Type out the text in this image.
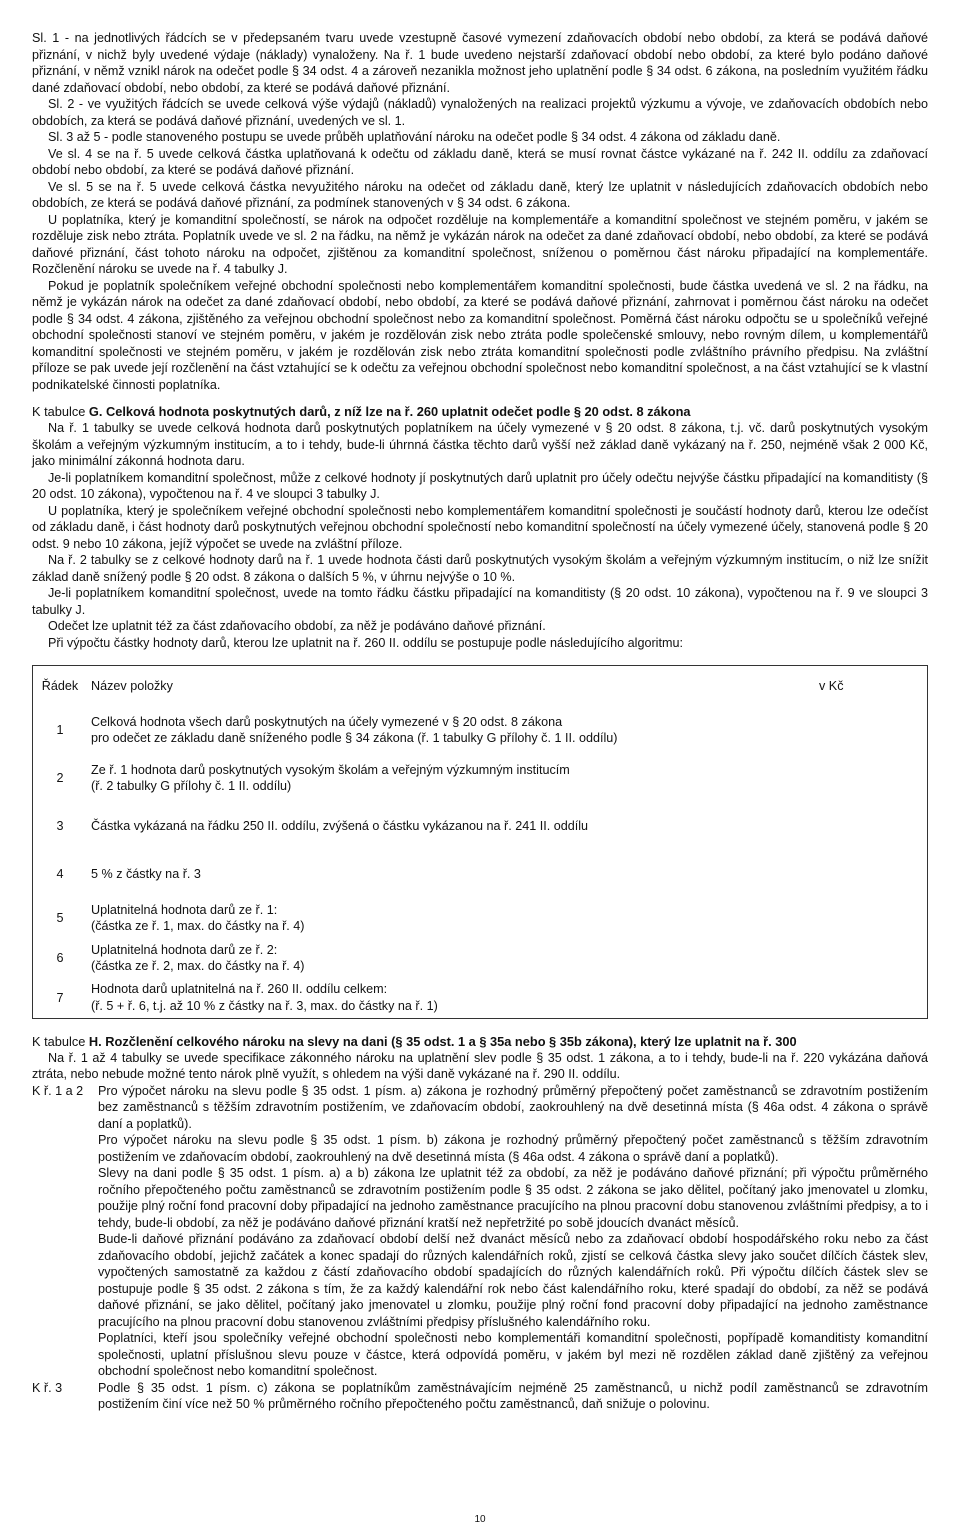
Sl. 1 - na jednotlivých řádcích se v předepsaném tvaru uvede vzestupně časové vymezení zdaňovacích období nebo období, za která se podává daňové přiznání, v nichž byly uvedené výdaje (náklady) vynaloženy. Na ř. 1 bude uvedeno nejstarší zdaňovací období nebo období, za které bylo podáno daňové přiznání, v němž vznikl nárok na odečet podle § 34 odst. 4 a zároveň nezanikla možnost jeho uplatnění podle § 34 odst. 6 zákona, na posledním využitém řádku dané zdaňovací období, nebo období, za které se podává daňové přiznání.

Sl. 2 - ve využitých řádcích se uvede celková výše výdajů (nákladů) vynaložených na realizaci projektů výzkumu a vývoje, ve zdaňovacích obdobích nebo obdobích, za která se podává daňové přiznání, uvedených ve sl. 1.

Sl. 3 až 5 - podle stanoveného postupu se uvede průběh uplatňování nároku na odečet podle § 34 odst. 4 zákona od základu daně.

Ve sl. 4 se na ř. 5 uvede celková částka uplatňovaná k odečtu od základu daně, která se musí rovnat částce vykázané na ř. 242 II. oddílu za zdaňovací období nebo období, za které se podává daňové přiznání.

Ve sl. 5 se na ř. 5 uvede celková částka nevyužitého nároku na odečet od základu daně, který lze uplatnit v následujících zdaňovacích obdobích nebo obdobích, ze která se podává daňové přiznání, za podmínek stanovených v § 34 odst. 6 zákona.

U poplatníka, který je komanditní společností, se nárok na odpočet rozděluje na komplementáře a komanditní společnost ve stejném poměru, v jakém se rozděluje zisk nebo ztráta. Poplatník uvede ve sl. 2 na řádku, na němž je vykázán nárok na odečet za dané zdaňovací období, nebo období, za které se podává daňové přiznání, část tohoto nároku na odpočet, zjištěnou za komanditní společnost, sníženou o poměrnou část nároku připadající na komplementáře. Rozčlenění nároku se uvede na ř. 4 tabulky J.

Pokud je poplatník společníkem veřejné obchodní společnosti nebo komplementářem komanditní společnosti, bude částka uvedená ve sl. 2 na řádku, na němž je vykázán nárok na odečet za dané zdaňovací období, nebo období, za které se podává daňové přiznání, zahrnovat i poměrnou část nároku na odečet podle § 34 odst. 4 zákona, zjištěného za veřejnou obchodní společnost nebo za komanditní společnost. Poměrná část nároku odpočtu se u společníků veřejné obchodní společnosti stanoví ve stejném poměru, v jakém je rozdělován zisk nebo ztráta podle společenské smlouvy, nebo rovným dílem, u komplementářů komanditní společnosti ve stejném poměru, v jakém je rozdělován zisk nebo ztráta komanditní společnosti podle zvláštního právního předpisu. Na zvláštní příloze se pak uvede její rozčlenění na část vztahující se k odečtu za veřejnou obchodní společnost nebo komanditní společnost, a na část vztahující se k vlastní podnikatelské činnosti poplatníka.

K tabulce G. Celková hodnota poskytnutých darů, z níž lze na ř. 260 uplatnit odečet podle § 20 odst. 8 zákona

Na ř. 1 tabulky se uvede celková hodnota darů poskytnutých poplatníkem na účely vymezené v § 20 odst. 8 zákona, t.j. vč. darů poskytnutých vysokým školám a veřejným výzkumným institucím, a to i tehdy, bude-li úhrnná částka těchto darů vyšší než základ daně vykázaný na ř. 250, nejméně však 2 000 Kč, jako minimální zákonná hodnota daru.

Je-li poplatníkem komanditní společnost, může z celkové hodnoty jí poskytnutých darů uplatnit pro účely odečtu nejvýše částku připadající na komanditisty (§ 20 odst. 10 zákona), vypočtenou na ř. 4 ve sloupci 3 tabulky J.

U poplatníka, který je společníkem veřejné obchodní společnosti nebo komplementářem komanditní společnosti je součástí hodnoty darů, kterou lze odečíst od základu daně, i část hodnoty darů poskytnutých veřejnou obchodní společností nebo komanditní společností na účely vymezené účely, stanovená podle § 20 odst. 9 nebo 10 zákona, jejíž výpočet se uvede na zvláštní příloze.

Na ř. 2 tabulky se z celkové hodnoty darů na ř. 1 uvede hodnota části darů poskytnutých vysokým školám a veřejným výzkumným institucím, o niž lze snížit základ daně snížený podle § 20 odst. 8 zákona o dalších 5 %, v úhrnu nejvýše o 10 %.

Je-li poplatníkem komanditní společnost, uvede na tomto řádku částku připadající na komanditisty (§ 20 odst. 10 zákona), vypočtenou na ř. 9 ve sloupci 3 tabulky J.

Odečet lze uplatnit též za část zdaňovacího období, za něž je podáváno daňové přiznání.

Při výpočtu částky hodnoty darů, kterou lze uplatnit na ř. 260 II. oddílu se postupuje podle následujícího algoritmu:

Řádek	Název položky	v Kč
1	Celková hodnota všech darů poskytnutých na účely vymezené v § 20 odst. 8 zákona
pro odečet ze základu daně sníženého podle § 34 zákona (ř. 1 tabulky G přílohy č. 1 II. oddílu)	

2	Ze ř. 1 hodnota darů poskytnutých vysokým školám a veřejným výzkumným institucím
(ř. 2 tabulky G přílohy č. 1 II. oddílu)	

3	Částka vykázaná na řádku 250 II. oddílu, zvýšená o částku vykázanou na ř. 241 II. oddílu	

4	5 % z částky na ř. 3	

5	Uplatnitelná hodnota darů ze ř. 1:
(částka ze ř. 1, max. do částky na ř. 4)	

6	Uplatnitelná hodnota darů ze ř. 2:
(částka ze ř. 2, max. do částky na ř. 4)	

7	Hodnota darů uplatnitelná na ř. 260 II. oddílu celkem:
(ř. 5 + ř. 6, t.j. až 10 % z částky na ř. 3, max. do částky na ř. 1)	

K tabulce H. Rozčlenění celkového nároku na slevy na dani (§ 35 odst. 1 a § 35a nebo § 35b zákona), který lze uplatnit na ř. 300

Na ř. 1 až 4 tabulky se uvede specifikace zákonného nároku na uplatnění slev podle § 35 odst. 1 zákona, a to i tehdy, bude-li na ř. 220 vykázána daňová ztráta, nebo nebude možné tento nárok plně využít, s ohledem na výši daně vykázané na ř. 290 II. oddílu.

K ř. 1 a 2	Pro výpočet nároku na slevu podle § 35 odst. 1 písm. a) zákona je rozhodný průměrný přepočtený počet zaměstnanců se zdravotním postižením bez zaměstnanců s těžším zdravotním postižením, ve zdaňovacím období, zaokrouhlený na dvě desetinná místa (§ 46a odst. 4 zákona o správě daní a poplatků).

Pro výpočet nároku na slevu podle § 35 odst. 1 písm. b) zákona je rozhodný průměrný přepočtený počet zaměstnanců s těžším zdravotním postižením ve zdaňovacím období, zaokrouhlený na dvě desetinná místa (§ 46a odst. 4 zákona o správě daní a poplatků).

Slevy na dani podle § 35 odst. 1 písm. a) a b) zákona lze uplatnit též za období, za něž je podáváno daňové přiznání; při výpočtu průměrného ročního přepočteného počtu zaměstnanců se zdravotním postižením podle § 35 odst. 2 zákona se jako dělitel, počítaný jako jmenovatel u zlomku, použije plný roční fond pracovní doby připadající na jednoho zaměstnance pracujícího na plnou pracovní dobu stanovenou zvláštními předpisy, a to i tehdy, bude-li období, za něž je podáváno daňové přiznání kratší než nepřetržité po sobě jdoucích dvanáct měsíců.

Bude-li daňové přiznání podáváno za zdaňovací období delší než dvanáct měsíců nebo za zdaňovací období hospodářského roku nebo za část zdaňovacího období, jejichž začátek a konec spadají do různých kalendářních roků, zjistí se celková částka slevy jako součet dílčích částek slev, vypočtených samostatně za každou z částí zdaňovacího období spadajících do různých kalendářních roků. Při výpočtu dílčích částek slev se postupuje podle § 35 odst. 2 zákona s tím, že za každý kalendářní rok nebo část kalendářního roku, které spadají do období, za něž se podává daňové přiznání, se jako dělitel, počítaný jako jmenovatel u zlomku, použije plný roční fond pracovní doby připadající na jednoho zaměstnance pracujícího na plnou pracovní dobu stanovenou zvláštními předpisy příslušného kalendářního roku.

Poplatníci, kteří jsou společníky veřejné obchodní společnosti nebo komplementáři komanditní společnosti, popřípadě komanditisty komanditní společnosti, uplatní příslušnou slevu pouze v částce, která odpovídá poměru, v jakém byl mezi ně rozdělen základ daně zjištěný za veřejnou obchodní společnost nebo komanditní společnost.

K ř. 3	Podle § 35 odst. 1 písm. c) zákona se poplatníkům zaměstnávajícím nejméně 25 zaměstnanců, u nichž podíl zaměstnanců se zdravotním postižením činí více než 50 % průměrného ročního přepočteného počtu zaměstnanců, daň snižuje o polovinu.

10
